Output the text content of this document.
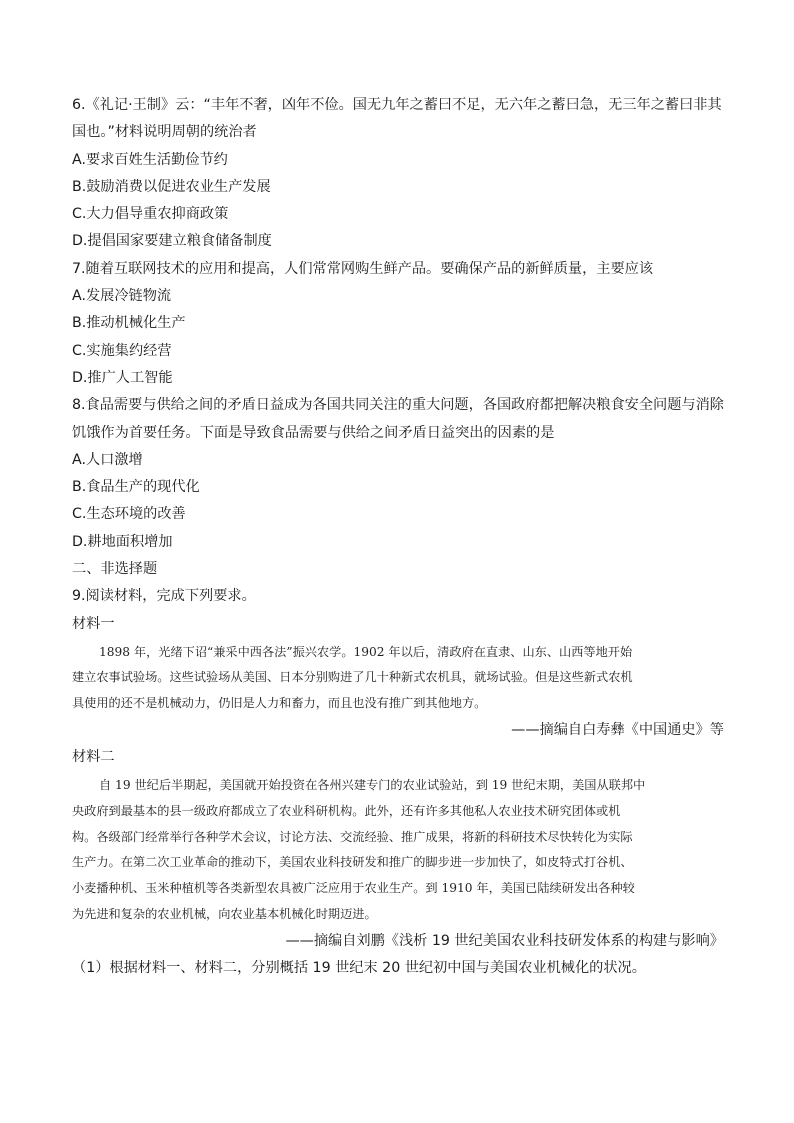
6.《礼记·王制》云：“丰年不奢，凶年不俭。国无九年之蓄曰不足，无六年之蓄曰急，无三年之蓄曰非其
国也。”材料说明周朝的统治者
A.要求百姓生活勤俭节约
B.鼓励消费以促进农业生产发展
C.大力倡导重农抑商政策
D.提倡国家要建立粮食储备制度
7.随着互联网技术的应用和提高，人们常常网购生鲜产品。要确保产品的新鲜质量，主要应该
A.发展冷链物流
B.推动机械化生产
C.实施集约经营
D.推广人工智能
8.食品需要与供给之间的矛盾日益成为各国共同关注的重大问题，各国政府都把解决粮食安全问题与消除
饥饿作为首要任务。下面是导致食品需要与供给之间矛盾日益突出的因素的是
A.人口激增
B.食品生产的现代化
C.生态环境的改善
D.耕地面积增加
二、非选择题
9.阅读材料，完成下列要求。
材料一
1898 年，光绪下诏“兼采中西各法”振兴农学。1902 年以后，清政府在直隶、山东、山西等地开始
建立农事试验场。这些试验场从美国、日本分别购进了几十种新式农机具，就场试验。但是这些新式农机
具使用的还不是机械动力，仍旧是人力和畜力，而且也没有推广到其他地方。
——摘编自白寿彝《中国通史》等
材料二
自 19 世纪后半期起，美国就开始投资在各州兴建专门的农业试验站，到 19 世纪末期，美国从联邦中
央政府到最基本的县一级政府都成立了农业科研机构。此外，还有许多其他私人农业技术研究团体或机
构。各级部门经常举行各种学术会议，讨论方法、交流经验、推广成果，将新的科研技术尽快转化为实际
生产力。在第二次工业革命的推动下，美国农业科技研发和推广的脚步进一步加快了，如皮特式打谷机、
小麦播种机、玉米种植机等各类新型农具被广泛应用于农业生产。到 1910 年，美国已陆续研发出各种较
为先进和复杂的农业机械，向农业基本机械化时期迈进。
——摘编自刘鹏《浅析 19 世纪美国农业科技研发体系的构建与影响》
（1）根据材料一、材料二，分别概括 19 世纪末 20 世纪初中国与美国农业机械化的状况。
